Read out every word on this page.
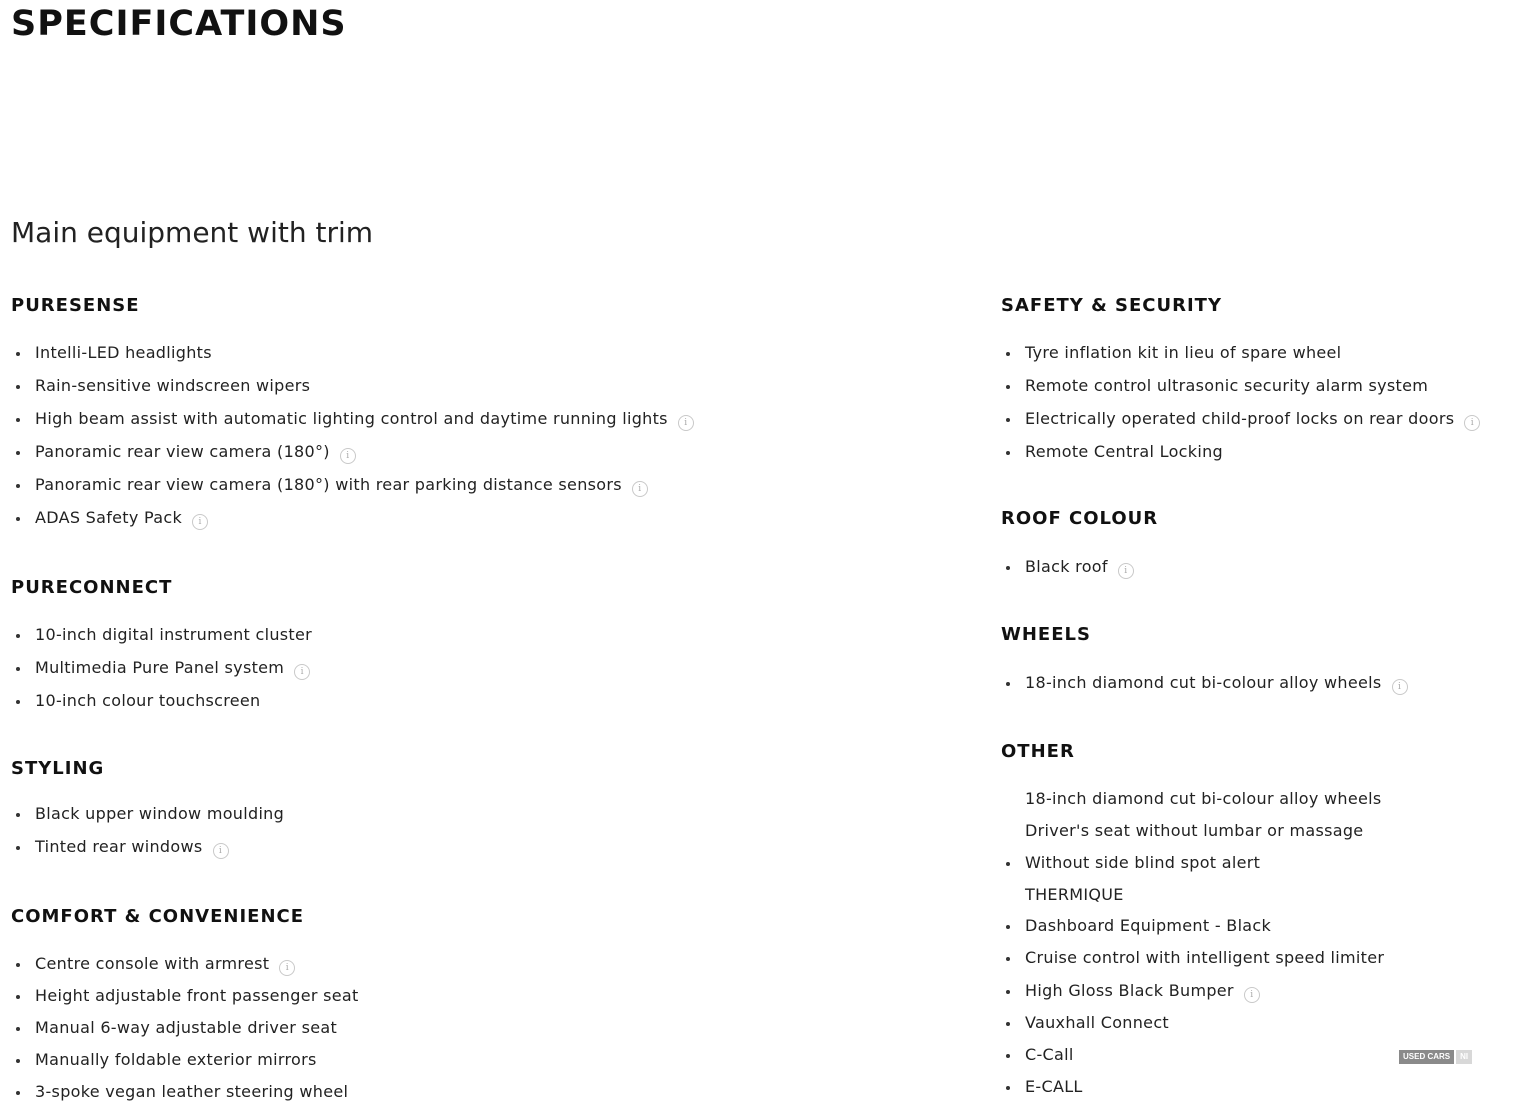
SPECIFICATIONS
Main equipment with trim
PURESENSE
Intelli-LED headlights
Rain-sensitive windscreen wipers
High beam assist with automatic lighting control and daytime running lights i
Panoramic rear view camera (180°) i
Panoramic rear view camera (180°) with rear parking distance sensors i
ADAS Safety Pack i
PURECONNECT
10-inch digital instrument cluster
Multimedia Pure Panel system i
10-inch colour touchscreen
STYLING
Black upper window moulding
Tinted rear windows i
COMFORT & CONVENIENCE
Centre console with armrest i
Height adjustable front passenger seat
Manual 6-way adjustable driver seat
Manually foldable exterior mirrors
3-spoke vegan leather steering wheel
SAFETY & SECURITY
Tyre inflation kit in lieu of spare wheel
Remote control ultrasonic security alarm system
Electrically operated child-proof locks on rear doors i
Remote Central Locking
ROOF COLOUR
Black roof i
WHEELS
18-inch diamond cut bi-colour alloy wheels i
OTHER
18-inch diamond cut bi-colour alloy wheels
Driver's seat without lumbar or massage
Without side blind spot alert
THERMIQUE
Dashboard Equipment - Black
Cruise control with intelligent speed limiter
High Gloss Black Bumper i
Vauxhall Connect
C-Call
E-CALL
USED CARS	NI
